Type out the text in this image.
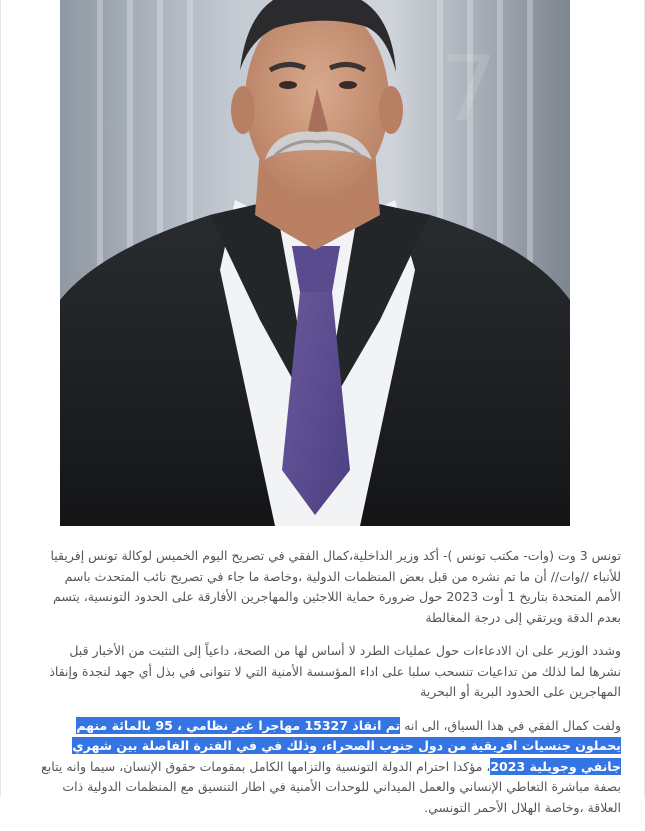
7

تونس 3 وت (وات- مكتب تونس )- أكد وزير الداخلية،كمال الفقي في تصريح اليوم الخميس لوكالة تونس إفريقيا للأنباء //وات// أن ما تم نشره من قبل بعض المنظمات الدولية ،وخاصة ما جاء في تصريح نائب المتحدث باسم الأمم المتحدة بتاريخ 1 أوت 2023 حول ضرورة حماية اللاجئين والمهاجرين الأفارقة على الحدود التونسية، يتسم بعدم الدقة ويرتقي إلى درجة المغالطة

وشدد الوزير على ان الادعاءات حول عمليات الطرد لا أساس لها من الصحة، داعياً إلى التثبت من الأخبار قبل نشرها لما لذلك من تداعيات تنسحب سلبا على اداء المؤسسة الأمنية التي لا تتوانى في بذل أي جهد لنجدة وإنقاذ المهاجرين على الحدود البرية أو البحرية

ولفت كمال الفقي في هذا السياق، الى انه تم انقاذ 15327 مهاجرا غير نظامي ، 95 بالمائة منهم يحملون جنسيات افريقية من دول جنوب الصحراء، وذلك في في الفترة الفاصلة بين شهري جانفي وجويلية 2023، مؤكدا احترام الدولة التونسية والتزامها الكامل بمقومات حقوق الإنسان، سيما وانه يتابع بصفة مباشرة التعاطي الإنساني والعمل الميداني للوحدات الأمنية في اطار التنسيق مع المنظمات الدولية ذات العلاقة ،وخاصة الهلال الأحمر التونسي.
